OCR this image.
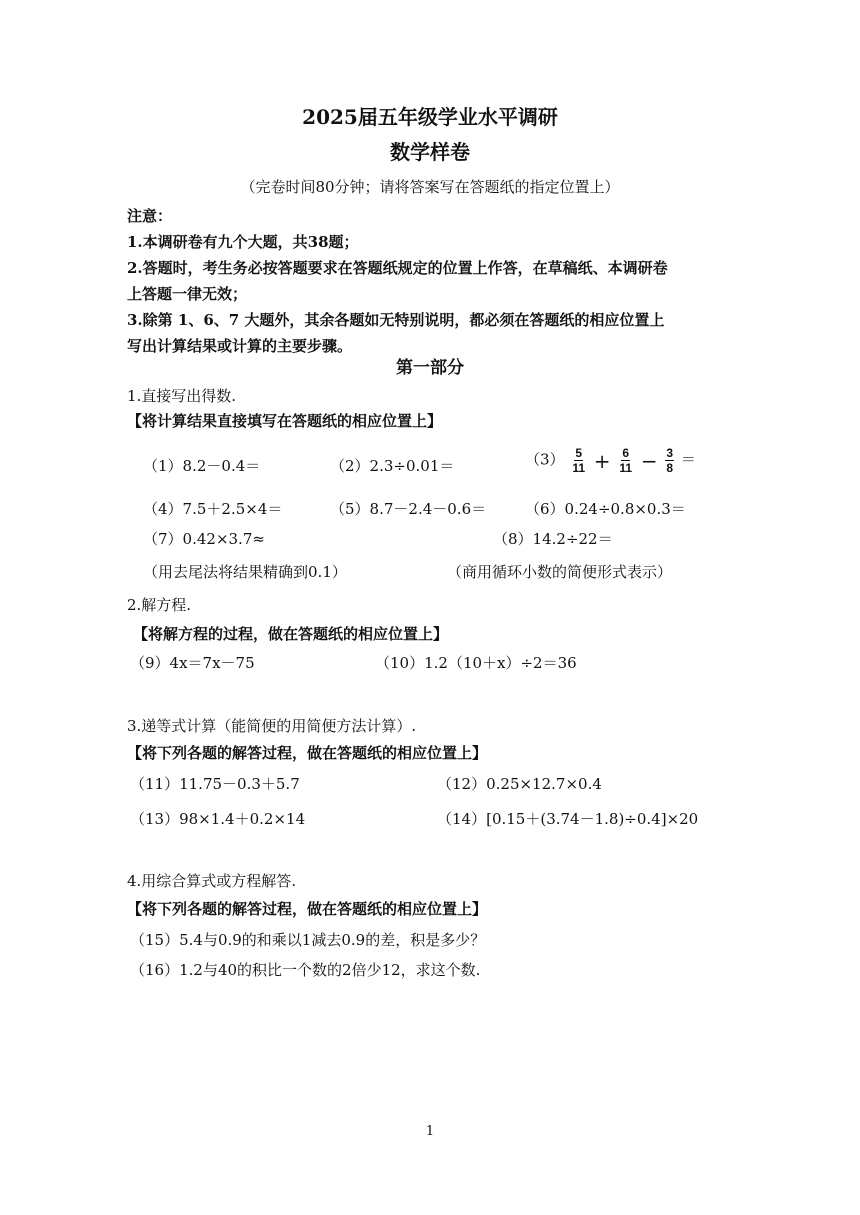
2025届五年级学业水平调研
数学样卷
（完卷时间80分钟；请将答案写在答题纸的指定位置上）
注意：
1.本调研卷有九个大题，共38题；
2.答题时，考生务必按答题要求在答题纸规定的位置上作答，在草稿纸、本调研卷
上答题一律无效；
3.除第 1、6、7 大题外，其余各题如无特别说明，都必须在答题纸的相应位置上
写出计算结果或计算的主要步骤。
第一部分
1.直接写出得数.
【将计算结果直接填写在答题纸的相应位置上】
（1）8.2－0.4＝	（2）2.3÷0.01＝	$(3) \frac{5}{11} + \frac{6}{11} - \frac{3}{8}$ ＝
（4）7.5＋2.5×4＝	（5）8.7－2.4－0.6＝	（6）0.24÷0.8×0.3＝
（7）0.42×3.7≈	（8）14.2÷22＝
（用去尾法将结果精确到0.1）	（商用循环小数的简便形式表示）
2.解方程.
【将解方程的过程，做在答题纸的相应位置上】
（9）4x＝7x－75	（10）1.2（10＋x）÷2＝36
3.递等式计算（能简便的用简便方法计算）.
【将下列各题的解答过程，做在答题纸的相应位置上】
（11）11.75－0.3＋5.7	（12）0.25×12.7×0.4
（13）98×1.4＋0.2×14	（14）[0.15＋(3.74－1.8)÷0.4]×20
4.用综合算式或方程解答.
【将下列各题的解答过程，做在答题纸的相应位置上】
（15）5.4与0.9的和乘以1减去0.9的差，积是多少？
（16）1.2与40的积比一个数的2倍少12，求这个数.
1
